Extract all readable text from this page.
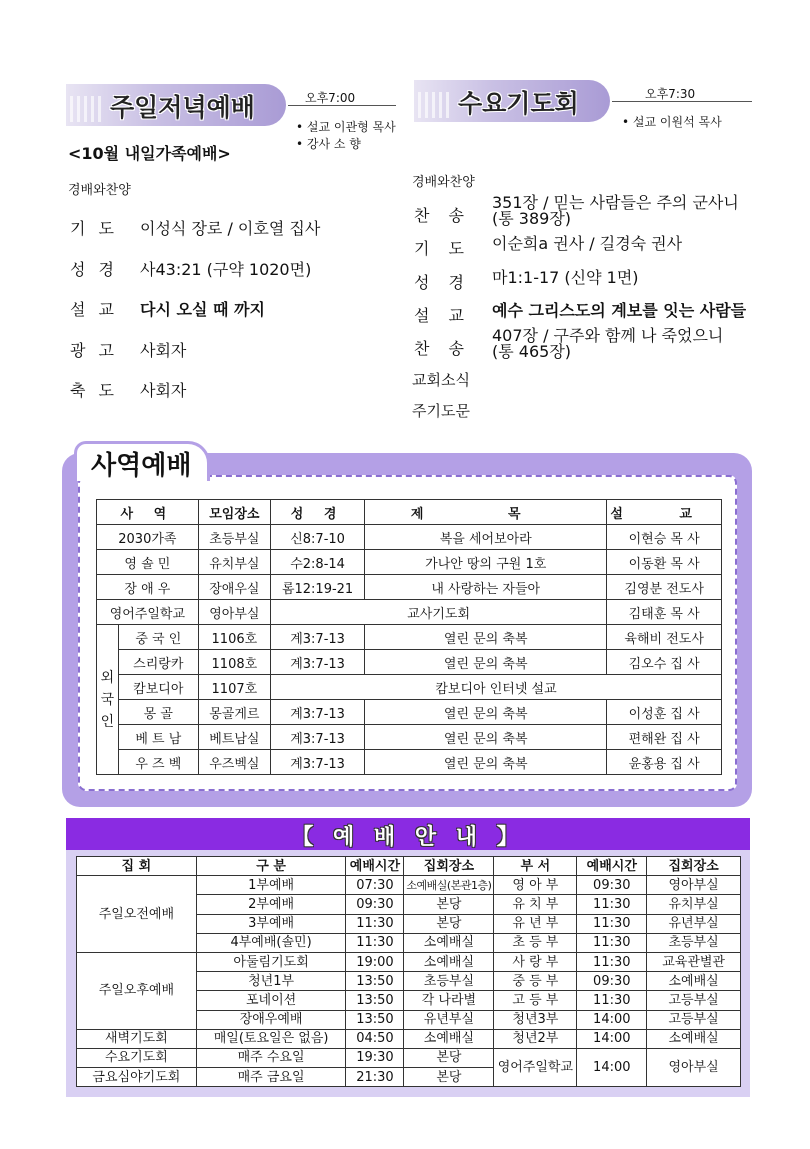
주일저녁예배	오후7:00
• 설교 이관형 목사
• 강사 소 향
<10월 내일가족예배>
경배와찬양
기 도 이성식 장로 / 이호열 집사
성 경 사43:21 (구약 1020면)
설 교 다시 오실 때 까지
광 고 사회자
축 도 사회자
수요기도회	오후7:30
• 설교 이원석 목사
경배와찬양
찬 송
351장 / 믿는 사람들은 주의 군사니
(통 389장)
기 도 이순희a 권사 / 길경숙 권사
성 경 마1:1-17 (신약 1면)
설 교 예수 그리스도의 계보를 잇는 사람들
찬 송
407장 / 구주와 함께 나 죽었으니
(통 465장)
교회소식
주기도문
사역예배
사 역		모임장소	성 경	제 목	설 교
2030가족		초등부실	신8:7-10	복을 세어보아라	이현승 목 사
영 솔 민		유치부실	수2:8-14	가나안 땅의 구원 1호	이동환 목 사
장 애 우		장애우실	롬12:19-21	내 사랑하는 자들아	김영분 전도사
영어주일학교		영아부실	교사기도회		김태훈 목 사
외국인	중 국 인	1106호	계3:7-13	열린 문의 축복	육해비 전도사
	스리랑카	1108호	계3:7-13	열린 문의 축복	김오수 집 사
	캄보디아	1107호	캄보디아 인터넷 설교		
	몽 골	몽골게르	계3:7-13	열린 문의 축복	이성훈 집 사
	베 트 남	베트남실	계3:7-13	열린 문의 축복	편해완 집 사
	우 즈 벡	우즈벡실	계3:7-13	열린 문의 축복	윤홍용 집 사
【 예 배 안 내 】
집 회	구 분	예배시간	집회장소	부 서	예배시간	집회장소
주일오전예배	1부예배	07:30	소예배실(본관1층)	영 아 부	09:30	영아부실
	2부예배	09:30	본당	유 치 부	11:30	유치부실
	3부예배	11:30	본당	유 년 부	11:30	유년부실
	4부예배(솔민)	11:30	소예배실	초 등 부	11:30	초등부실
주일오후예배	아둘림기도회	19:00	소예배실	사 랑 부	11:30	교육관별관
	청년1부	13:50	초등부실	중 등 부	09:30	소예배실
	포네이션	13:50	각 나라별	고 등 부	11:30	고등부실
	장애우예배	13:50	유년부실	청년3부	14:00	고등부실
새벽기도회	매일(토요일은 없음)	04:50	소예배실	청년2부	14:00	소예배실
수요기도회	매주 수요일	19:30	본당	영어주일학교	14:00	영아부실
금요심야기도회	매주 금요일	21:30	본당			
